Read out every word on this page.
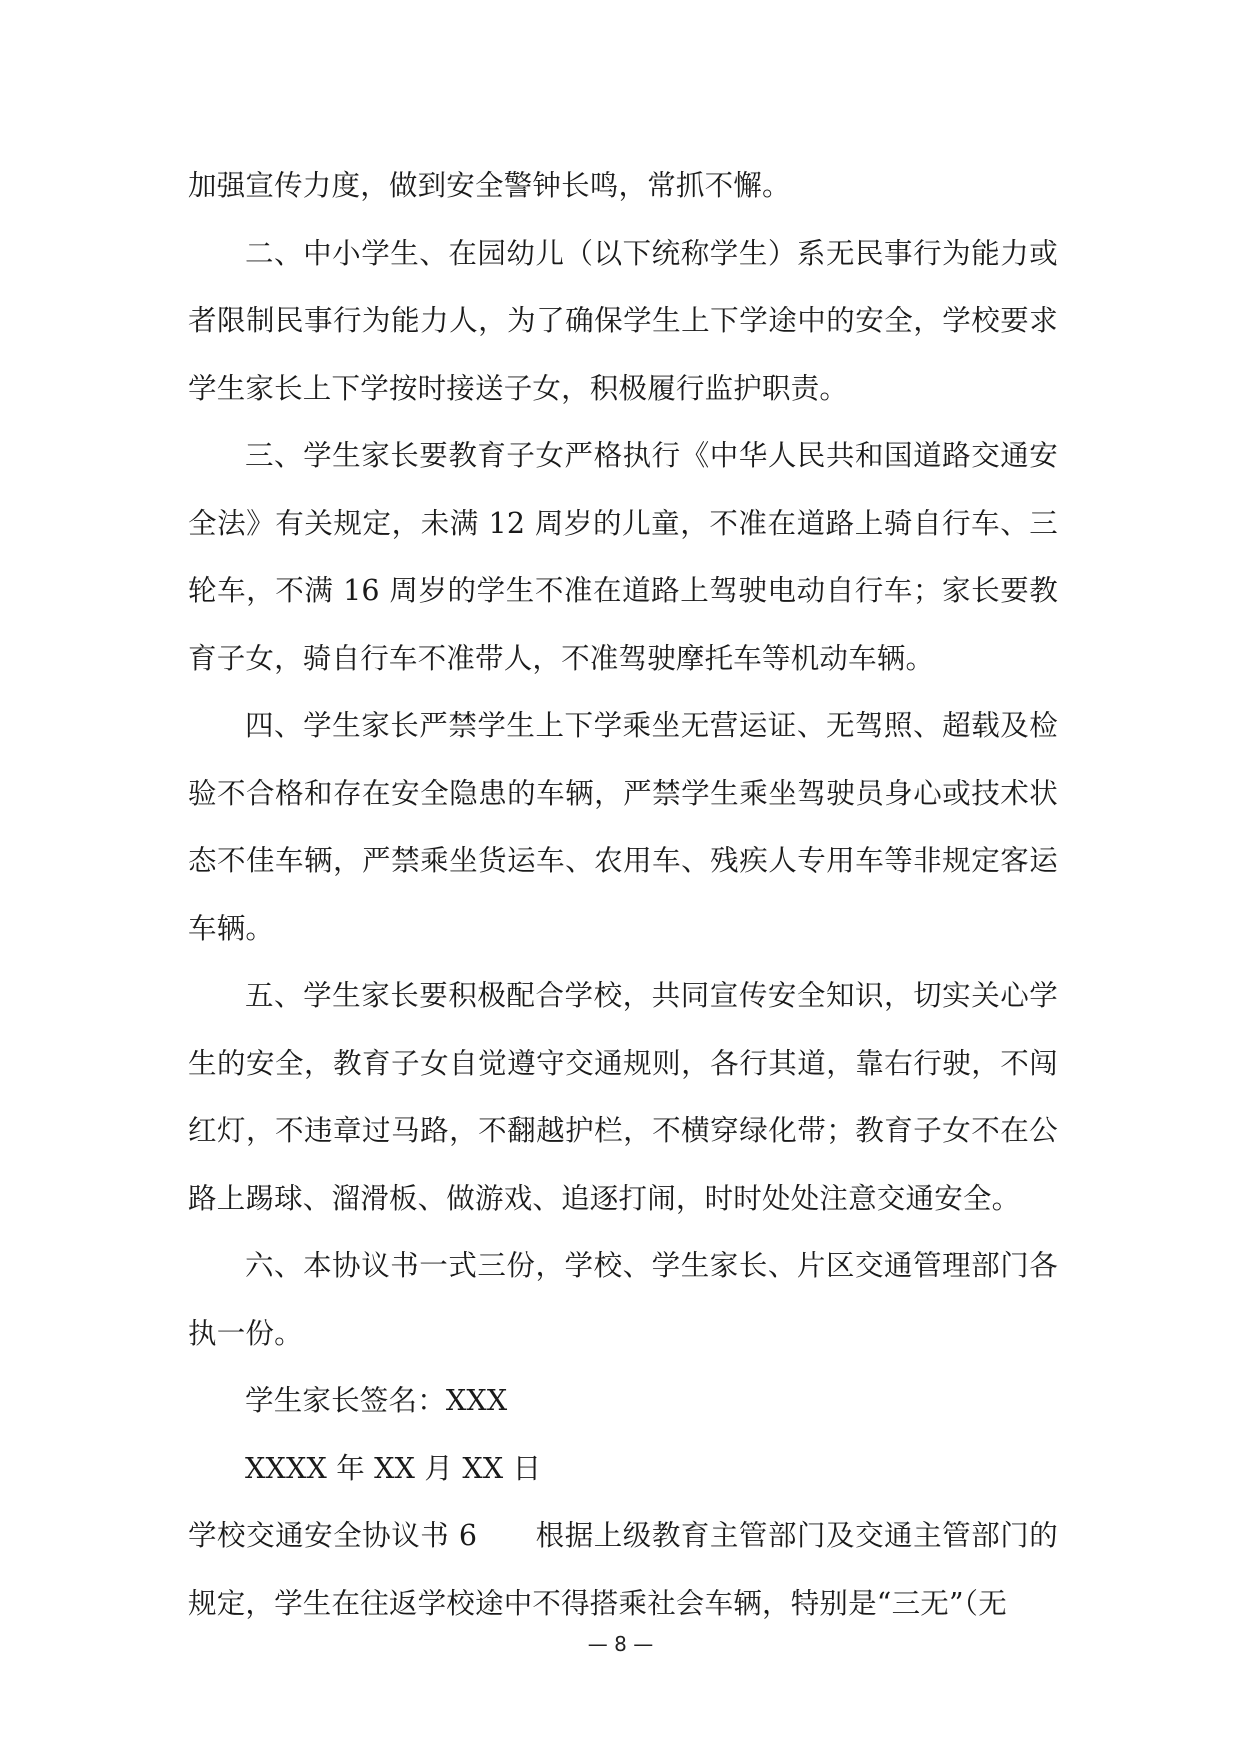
加强宣传力度，做到安全警钟长鸣，常抓不懈。

二、中小学生、在园幼儿（以下统称学生）系无民事行为能力或者限制民事行为能力人，为了确保学生上下学途中的安全，学校要求学生家长上下学按时接送子女，积极履行监护职责。

三、学生家长要教育子女严格执行《中华人民共和国道路交通安全法》有关规定，未满 12 周岁的儿童，不准在道路上骑自行车、三轮车，不满 16 周岁的学生不准在道路上驾驶电动自行车；家长要教育子女，骑自行车不准带人，不准驾驶摩托车等机动车辆。

四、学生家长严禁学生上下学乘坐无营运证、无驾照、超载及检验不合格和存在安全隐患的车辆，严禁学生乘坐驾驶员身心或技术状态不佳车辆，严禁乘坐货运车、农用车、残疾人专用车等非规定客运车辆。

五、学生家长要积极配合学校，共同宣传安全知识，切实关心学生的安全，教育子女自觉遵守交通规则，各行其道，靠右行驶，不闯红灯，不违章过马路，不翻越护栏，不横穿绿化带；教育子女不在公路上踢球、溜滑板、做游戏、追逐打闹，时时处处注意交通安全。

六、本协议书一式三份，学校、学生家长、片区交通管理部门各执一份。

学生家长签名：XXX

XXXX 年 XX 月 XX 日

学校交通安全协议书 6　　根据上级教育主管部门及交通主管部门的规定，学生在往返学校途中不得搭乘社会车辆，特别是“三无”（无

— 8 —
